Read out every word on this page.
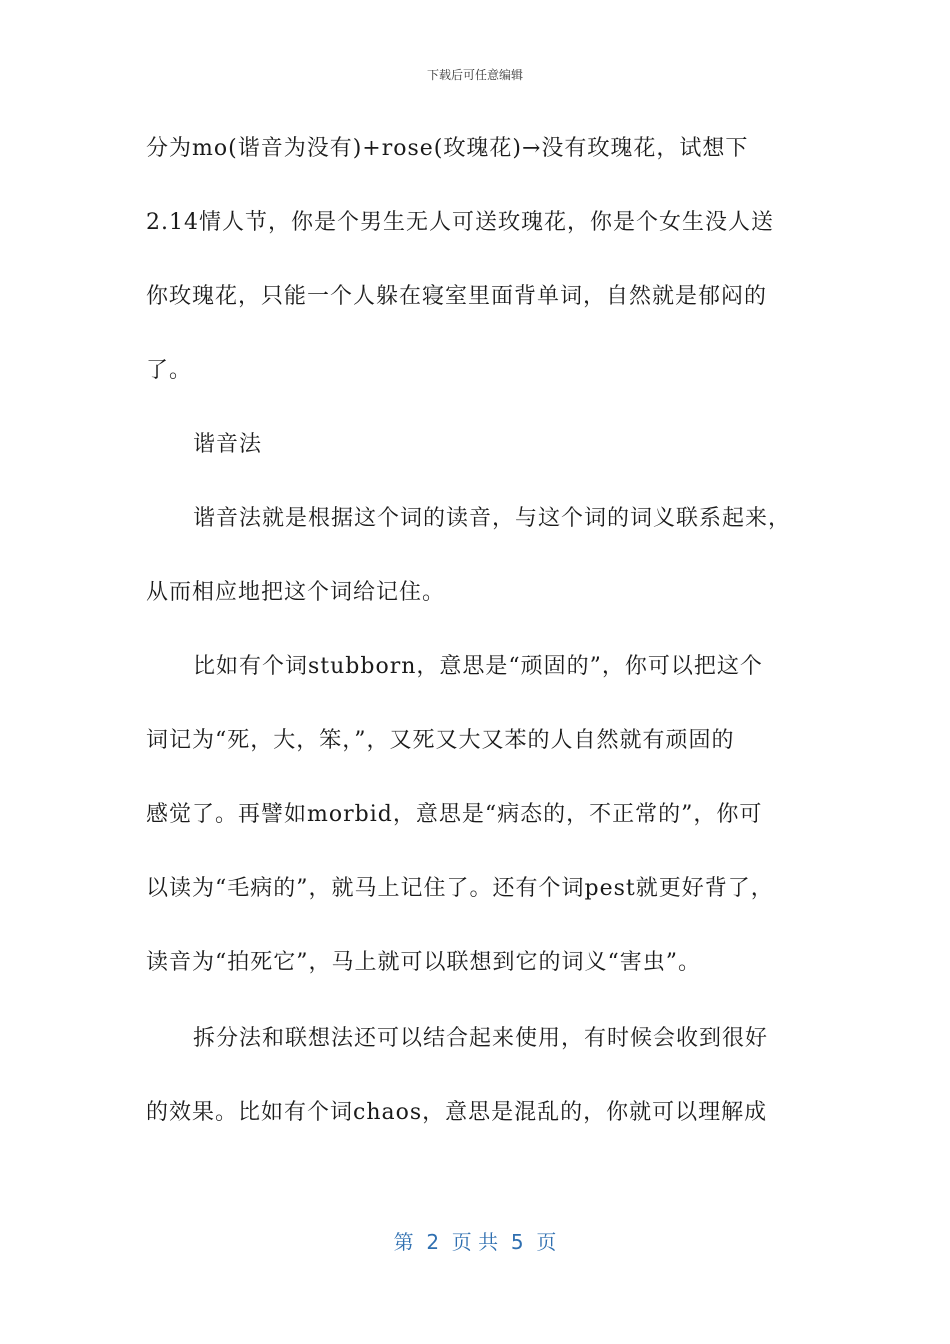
下载后可任意编辑
分为mo(谐音为没有)+rose(玫瑰花)→没有玫瑰花，试想下
2.14情人节，你是个男生无人可送玫瑰花，你是个女生没人送
你玫瑰花，只能一个人躲在寝室里面背单词，自然就是郁闷的
了。
谐音法
谐音法就是根据这个词的读音，与这个词的词义联系起来，
从而相应地把这个词给记住。
比如有个词stubborn，意思是“顽固的”，你可以把这个
词记为“死，大，笨，”，又死又大又苯的人自然就有顽固的
感觉了。再譬如morbid，意思是“病态的，不正常的”，你可
以读为“毛病的”，就马上记住了。还有个词pest就更好背了，
读音为“拍死它”，马上就可以联想到它的词义“害虫”。
拆分法和联想法还可以结合起来使用，有时候会收到很好
的效果。比如有个词chaos，意思是混乱的，你就可以理解成
第  2  页 共  5  页
